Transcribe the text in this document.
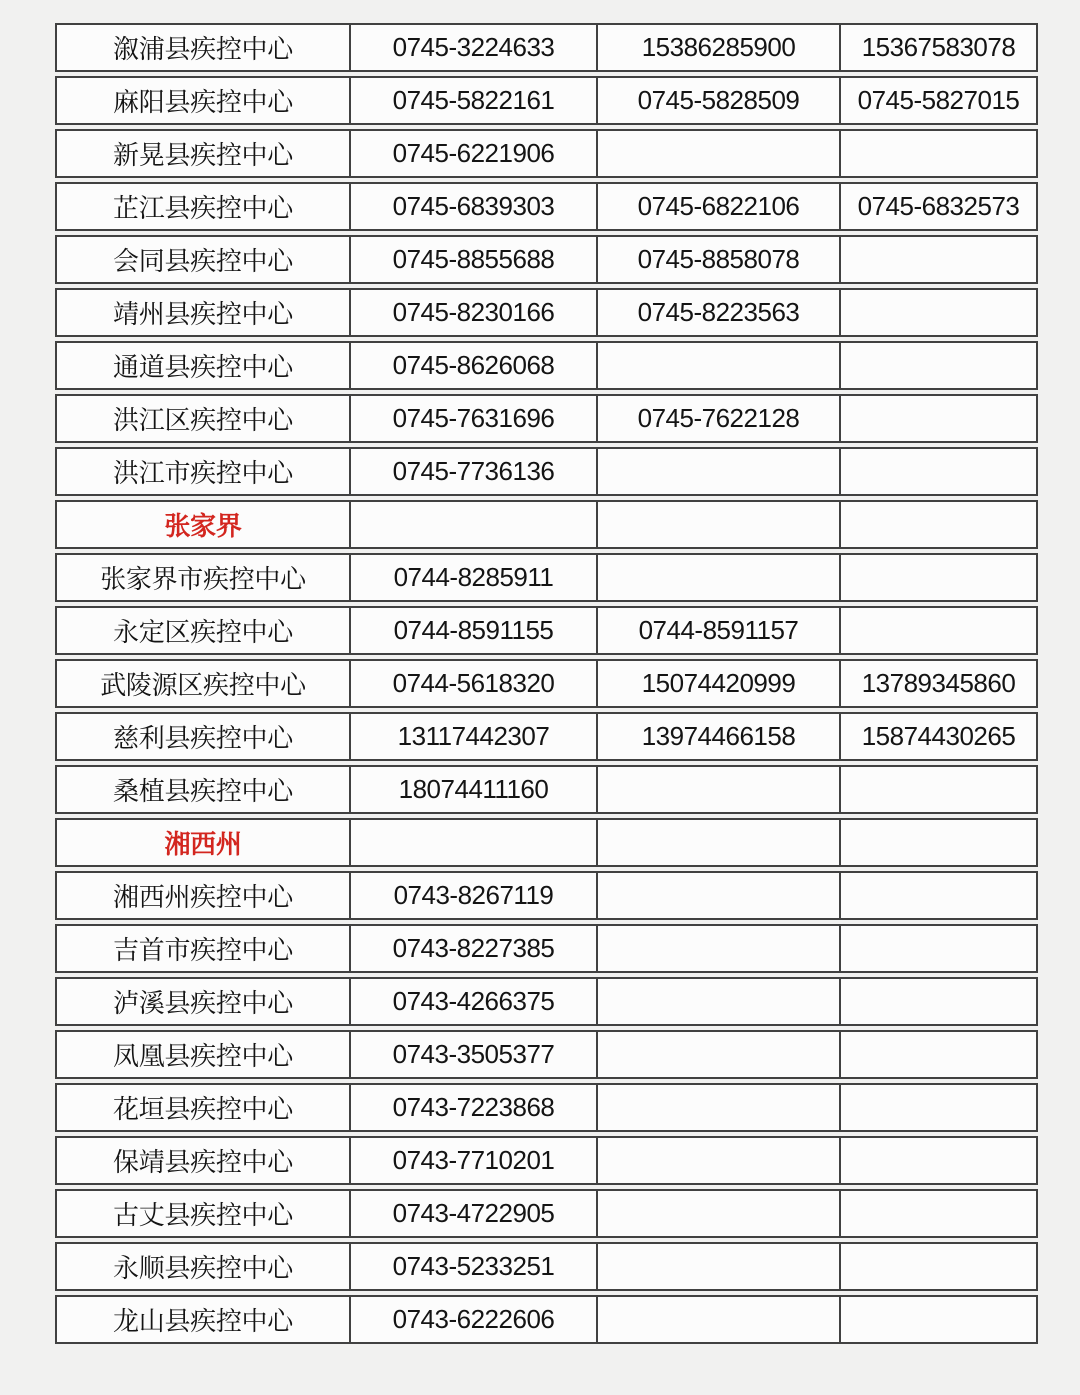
溆浦县疾控中心	0745-3224633	15386285900	15367583078
麻阳县疾控中心	0745-5822161	0745-5828509	0745-5827015
新晃县疾控中心	0745-6221906		
芷江县疾控中心	0745-6839303	0745-6822106	0745-6832573
会同县疾控中心	0745-8855688	0745-8858078	
靖州县疾控中心	0745-8230166	0745-8223563	
通道县疾控中心	0745-8626068		
洪江区疾控中心	0745-7631696	0745-7622128	
洪江市疾控中心	0745-7736136		
张家界			
张家界市疾控中心	0744-8285911		
永定区疾控中心	0744-8591155	0744-8591157	
武陵源区疾控中心	0744-5618320	15074420999	13789345860
慈利县疾控中心	13117442307	13974466158	15874430265
桑植县疾控中心	18074411160		
湘西州			
湘西州疾控中心	0743-8267119		
吉首市疾控中心	0743-8227385		
泸溪县疾控中心	0743-4266375		
凤凰县疾控中心	0743-3505377		
花垣县疾控中心	0743-7223868		
保靖县疾控中心	0743-7710201		
古丈县疾控中心	0743-4722905		
永顺县疾控中心	0743-5233251		
龙山县疾控中心	0743-6222606		
